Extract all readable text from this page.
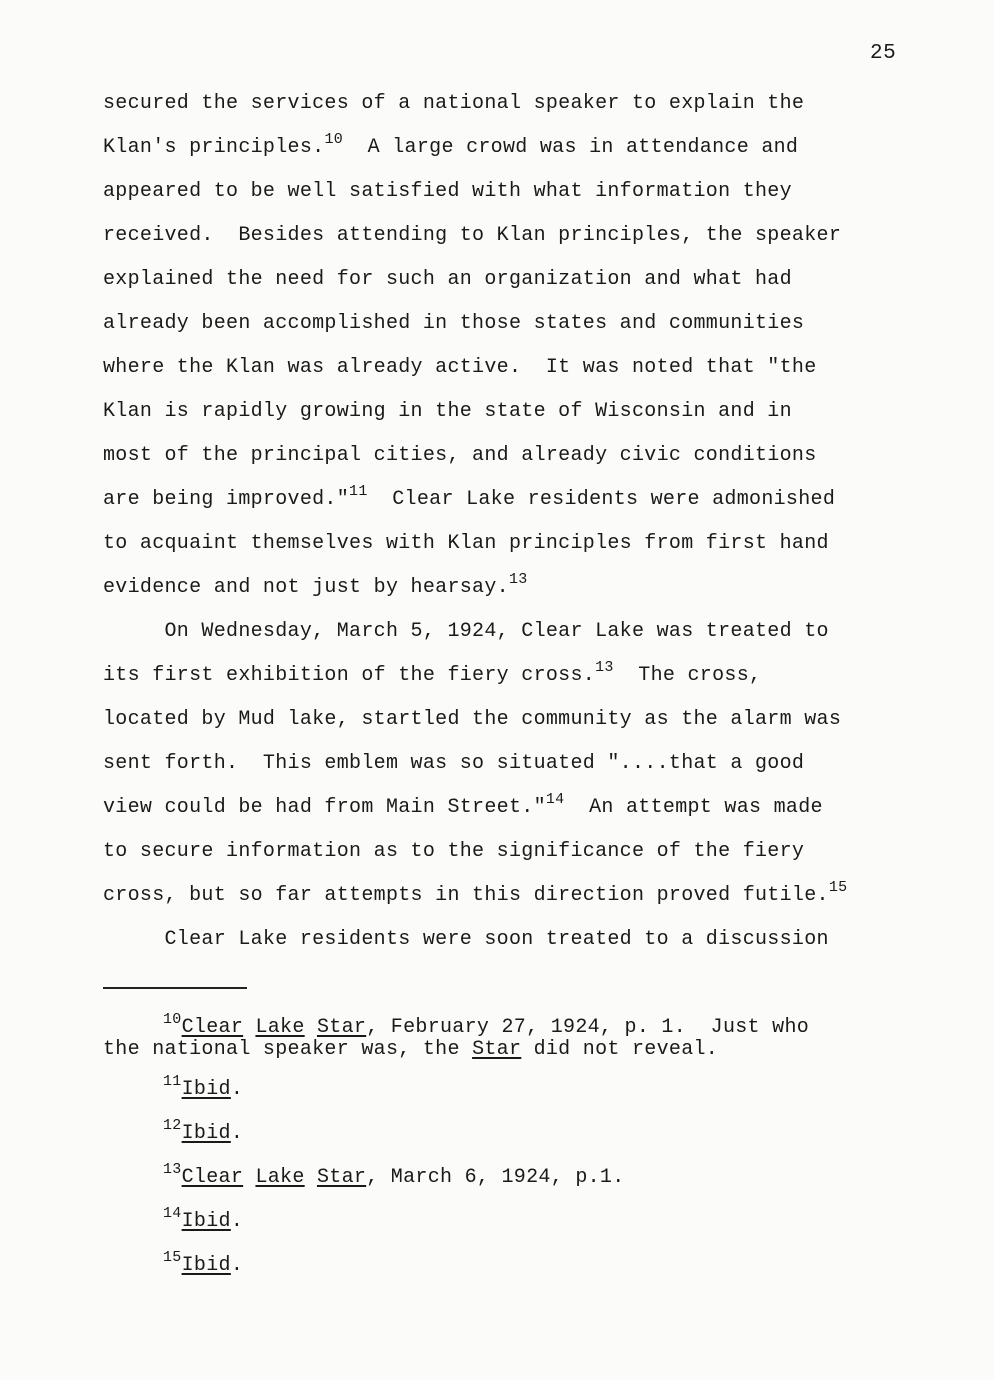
25
secured the services of a national speaker to explain the
Klan's principles.$^{10}$  A large crowd was in attendance and
appeared to be well satisfied with what information they
received.  Besides attending to Klan principles, the speaker
explained the need for such an organization and what had
already been accomplished in those states and communities
where the Klan was already active.  It was noted that "the
Klan is rapidly growing in the state of Wisconsin and in
most of the principal cities, and already civic conditions
are being improved."$^{11}$  Clear Lake residents were admonished
to acquaint themselves with Klan principles from first hand
evidence and not just by hearsay.$^{13}$
On Wednesday, March 5, 1924, Clear Lake was treated to
its first exhibition of the fiery cross.$^{13}$  The cross,
located by Mud lake, startled the community as the alarm was
sent forth.  This emblem was so situated "....that a good
view could be had from Main Street."$^{14}$  An attempt was made
to secure information as to the significance of the fiery
cross, but so far attempts in this direction proved futile.$^{15}$
Clear Lake residents were soon treated to a discussion
$^{10}$Clear Lake Star, February 27, 1924, p. 1.  Just who
the national speaker was, the Star did not reveal.
$^{11}$Ibid.
$^{12}$Ibid.
$^{13}$Clear Lake Star, March 6, 1924, p.1.
$^{14}$Ibid.
$^{15}$Ibid.
